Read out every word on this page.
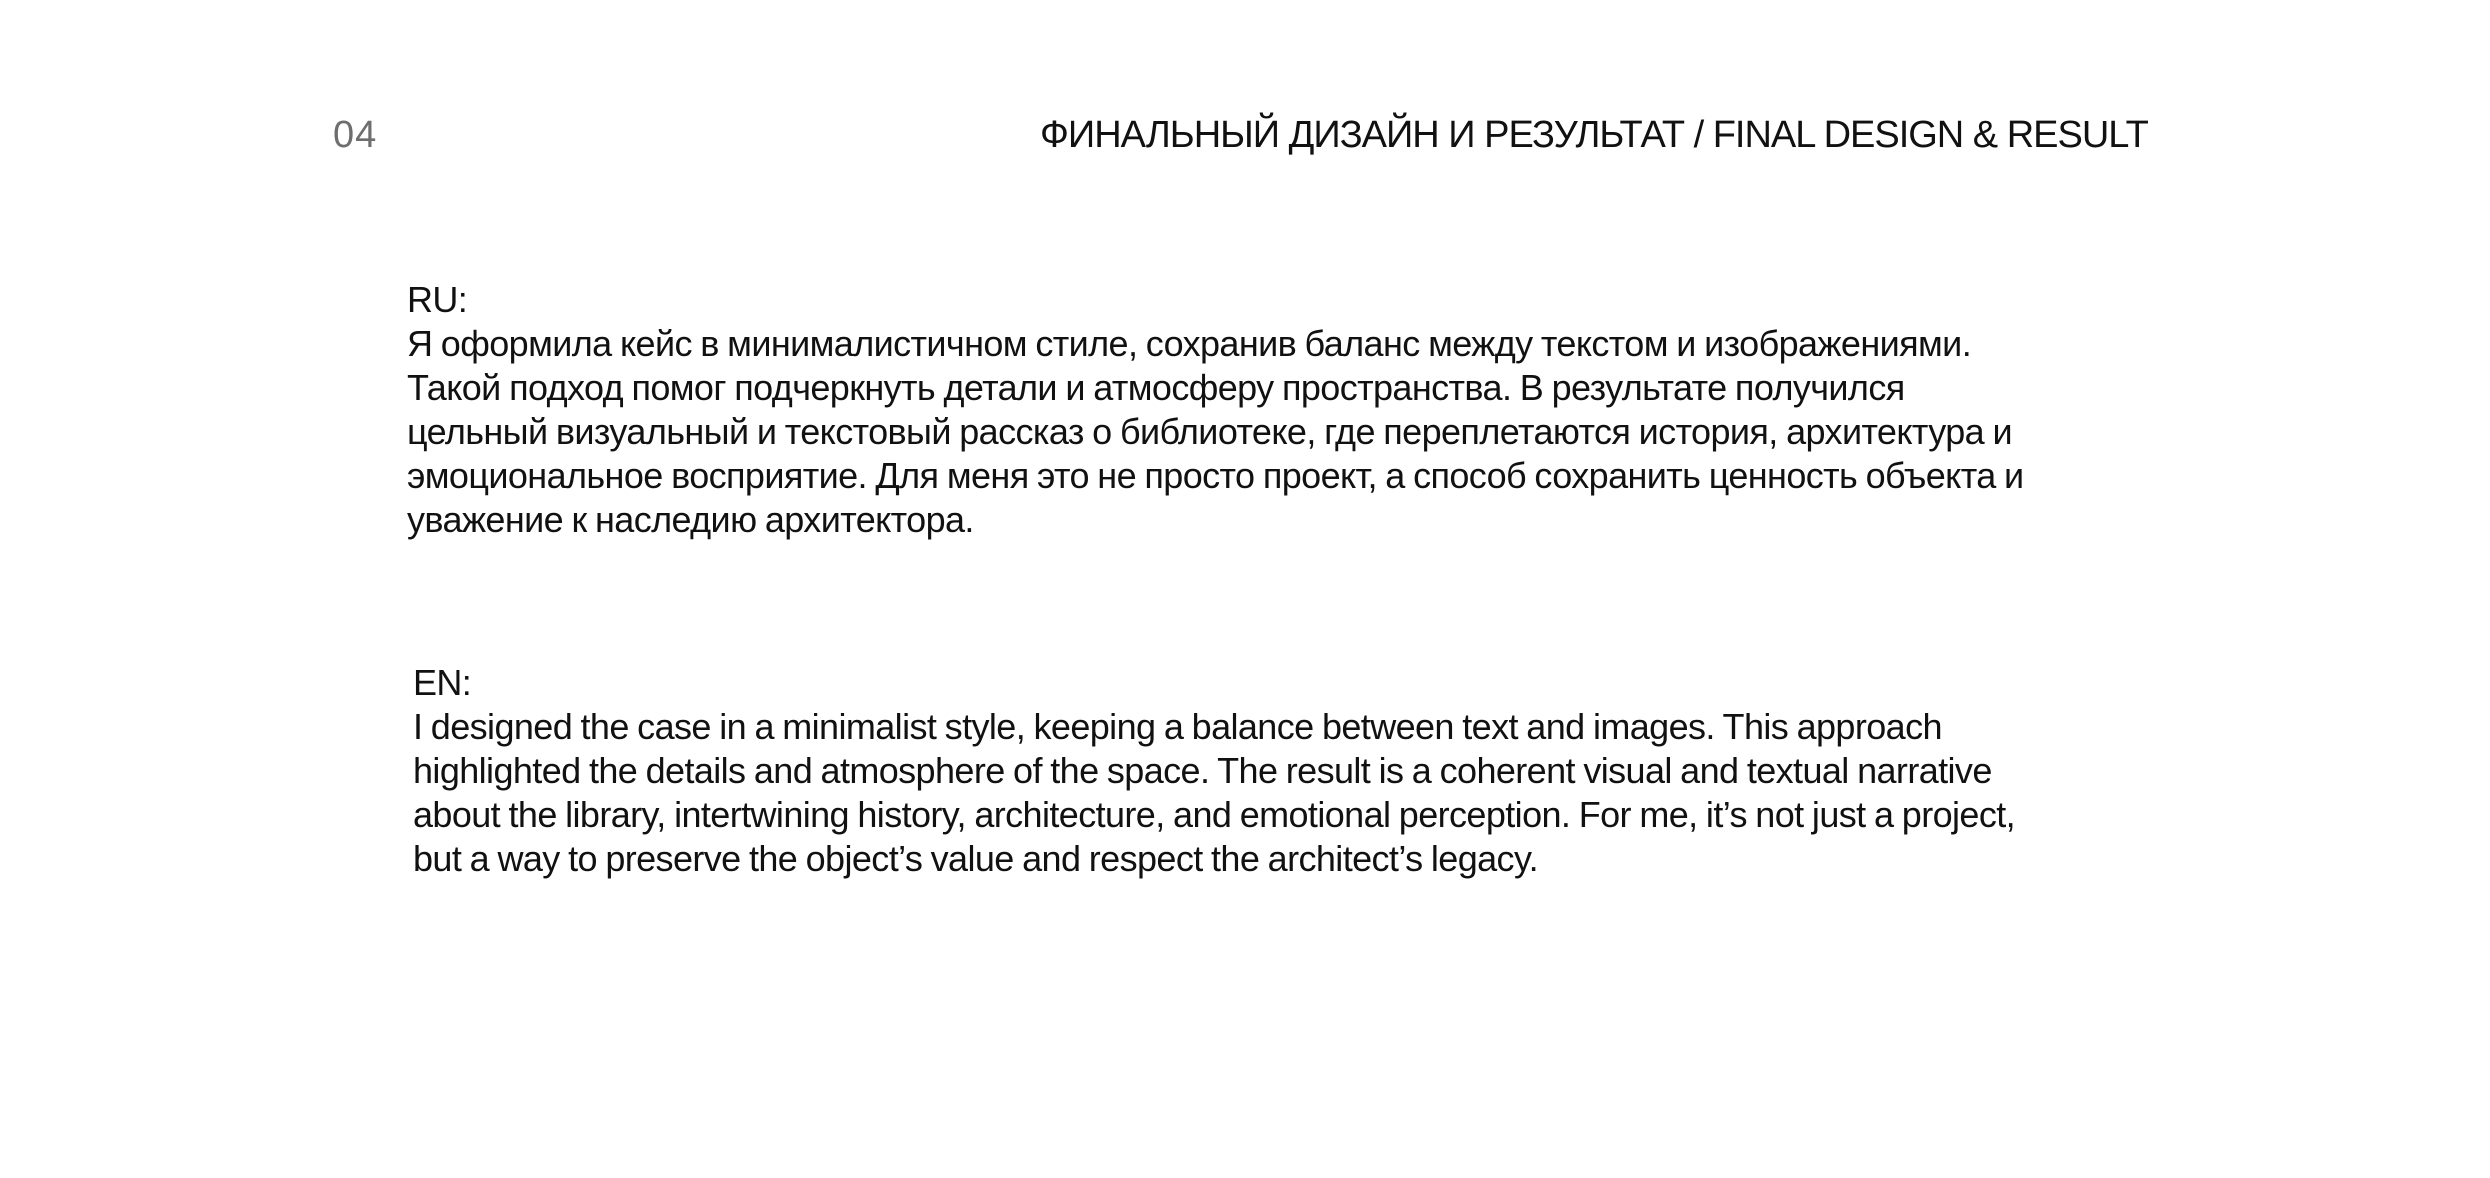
04	ФИНАЛЬНЫЙ ДИЗАЙН И РЕЗУЛЬТАТ / FINAL DESIGN & RESULT
RU:
Я оформила кейс в минималистичном стиле, сохранив баланс между текстом и изображениями.
Такой подход помог подчеркнуть детали и атмосферу пространства. В результате получился
цельный визуальный и текстовый рассказ о библиотеке, где переплетаются история, архитектура и
эмоциональное восприятие. Для меня это не просто проект, а способ сохранить ценность объекта и
уважение к наследию архитектора.
EN:
I designed the case in a minimalist style, keeping a balance between text and images. This approach
highlighted the details and atmosphere of the space. The result is a coherent visual and textual narrative
about the library, intertwining history, architecture, and emotional perception. For me, it’s not just a project,
but a way to preserve the object’s value and respect the architect’s legacy.
